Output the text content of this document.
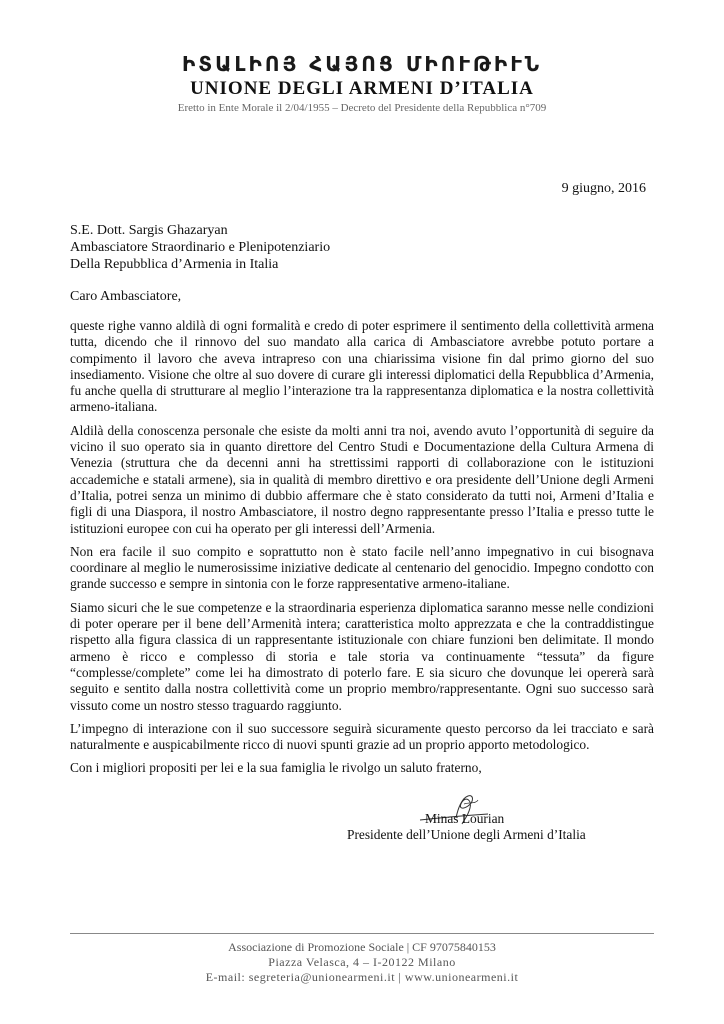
ԻՏԱԼԻՈՅ ՀԱՅՈՑ ՄԻՈՒԹԻՒՆ
UNIONE DEGLI ARMENI D’ITALIA
Eretto in Ente Morale il 2/04/1955 – Decreto del Presidente della Repubblica n°709
9 giugno, 2016
S.E. Dott. Sargis Ghazaryan
Ambasciatore Straordinario e Plenipotenziario
Della Repubblica d’Armenia in Italia
Caro Ambasciatore,

queste righe vanno aldilà di ogni formalità e credo di poter esprimere il sentimento della collettività armena tutta, dicendo che il rinnovo del suo mandato alla carica di Ambasciatore avrebbe potuto portare a compimento il lavoro che aveva intrapreso con una chiarissima visione fin dal primo giorno del suo insediamento. Visione che oltre al suo dovere di curare gli interessi diplomatici della Repubblica d’Armenia, fu anche quella di strutturare al meglio l’interazione tra la rappresentanza diplomatica e la nostra collettività armeno-italiana.

Aldilà della conoscenza personale che esiste da molti anni tra noi, avendo avuto l’opportunità di seguire da vicino il suo operato sia in quanto direttore del Centro Studi e Documentazione della Cultura Armena di Venezia (struttura che da decenni anni ha strettissimi rapporti di collaborazione con le istituzioni accademiche e statali armene), sia in qualità di membro direttivo e ora presidente dell’Unione degli Armeni d’Italia, potrei senza un minimo di dubbio affermare che è stato considerato da tutti noi, Armeni d’Italia e figli di una Diaspora, il nostro Ambasciatore, il nostro degno rappresentante presso l’Italia e presso tutte le istituzioni europee con cui ha operato per gli interessi dell’Armenia.

Non era facile il suo compito e soprattutto non è stato facile nell’anno impegnativo in cui bisognava coordinare al meglio le numerosissime iniziative dedicate al centenario del genocidio. Impegno condotto con grande successo e sempre in sintonia con le forze rappresentative armeno-italiane.

Siamo sicuri che le sue competenze e la straordinaria esperienza diplomatica saranno messe nelle condizioni di poter operare per il bene dell’Armenità intera; caratteristica molto apprezzata e che la contraddistingue rispetto alla figura classica di un rappresentante istituzionale con chiare funzioni ben delimitate. Il mondo armeno è ricco e complesso di storia e tale storia va continuamente “tessuta” da figure “complesse/complete” come lei ha dimostrato di poterlo fare. E sia sicuro che dovunque lei opererà sarà seguito e sentito dalla nostra collettività come un proprio membro/rappresentante. Ogni suo successo sarà vissuto come un nostro stesso traguardo raggiunto.

L’impegno di interazione con il suo successore seguirà sicuramente questo percorso da lei tracciato e sarà naturalmente e auspicabilmente ricco di nuovi spunti grazie ad un proprio apporto metodologico.

Con i migliori propositi per lei e la sua famiglia le rivolgo un saluto fraterno,

Minas Lourian
Presidente dell’Unione degli Armeni d’Italia
Associazione di Promozione Sociale | CF 97075840153
Piazza Velasca, 4 – I-20122 Milano
E-mail: segreteria@unionearmeni.it | www.unionearmeni.it
